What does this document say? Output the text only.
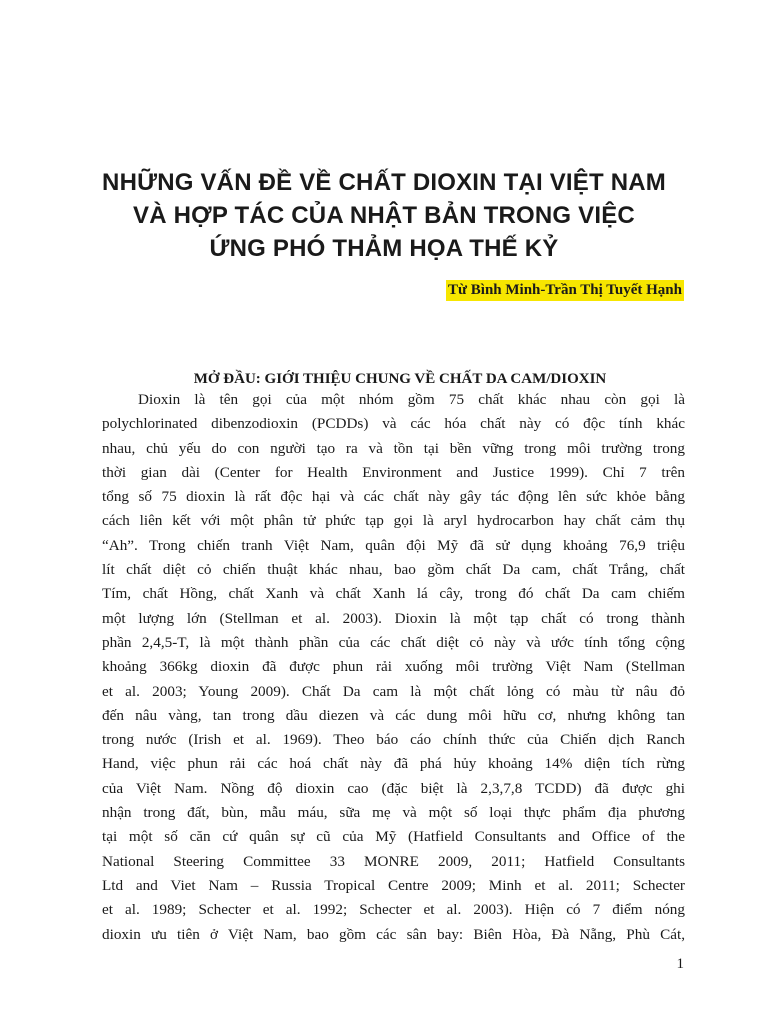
NHỮNG VẤN ĐỀ VỀ CHẤT DIOXIN TẠI VIỆT NAM
VÀ HỢP TÁC CỦA NHẬT BẢN TRONG VIỆC
ỨNG PHÓ THẢM HỌA THẾ KỶ
Từ Bình Minh-Trần Thị Tuyết Hạnh
MỞ ĐẦU: GIỚI THIỆU CHUNG VỀ CHẤT DA CAM/DIOXIN
Dioxin là tên gọi của một nhóm gồm 75 chất khác nhau còn gọi là
polychlorinated dibenzodioxin (PCDDs) và các hóa chất này có độc tính khác
nhau, chủ yếu do con người tạo ra và tồn tại bền vững trong môi trường trong
thời gian dài (Center for Health Environment and Justice 1999). Chỉ 7 trên
tổng số 75 dioxin là rất độc hại và các chất này gây tác động lên sức khỏe bằng
cách liên kết với một phân tử phức tạp gọi là aryl hydrocarbon hay chất cảm thụ
“Ah”. Trong chiến tranh Việt Nam, quân đội Mỹ đã sử dụng khoảng 76,9 triệu
lít chất diệt cỏ chiến thuật khác nhau, bao gồm chất Da cam, chất Trắng, chất
Tím, chất Hồng, chất Xanh và chất Xanh lá cây, trong đó chất Da cam chiếm
một lượng lớn (Stellman et al. 2003). Dioxin là một tạp chất có trong thành
phần 2,4,5-T, là một thành phần của các chất diệt cỏ này và ước tính tổng cộng
khoảng 366kg dioxin đã được phun rải xuống môi trường Việt Nam (Stellman
et al. 2003; Young 2009). Chất Da cam là một chất lỏng có màu từ nâu đỏ
đến nâu vàng, tan trong dầu diezen và các dung môi hữu cơ, nhưng không tan
trong nước (Irish et al. 1969). Theo báo cáo chính thức của Chiến dịch Ranch
Hand, việc phun rải các hoá chất này đã phá hủy khoảng 14% diện tích rừng
của Việt Nam. Nồng độ dioxin cao (đặc biệt là 2,3,7,8 TCDD) đã được ghi
nhận trong đất, bùn, mẫu máu, sữa mẹ và một số loại thực phẩm địa phương
tại một số căn cứ quân sự cũ của Mỹ (Hatfield Consultants and Office of the
National Steering Committee 33 MONRE 2009, 2011; Hatfield Consultants
Ltd and Viet Nam – Russia Tropical Centre 2009; Minh et al. 2011; Schecter
et al. 1989; Schecter et al. 1992; Schecter et al. 2003). Hiện có 7 điểm nóng
dioxin ưu tiên ở Việt Nam, bao gồm các sân bay: Biên Hòa, Đà Nẵng, Phù Cát,
1
